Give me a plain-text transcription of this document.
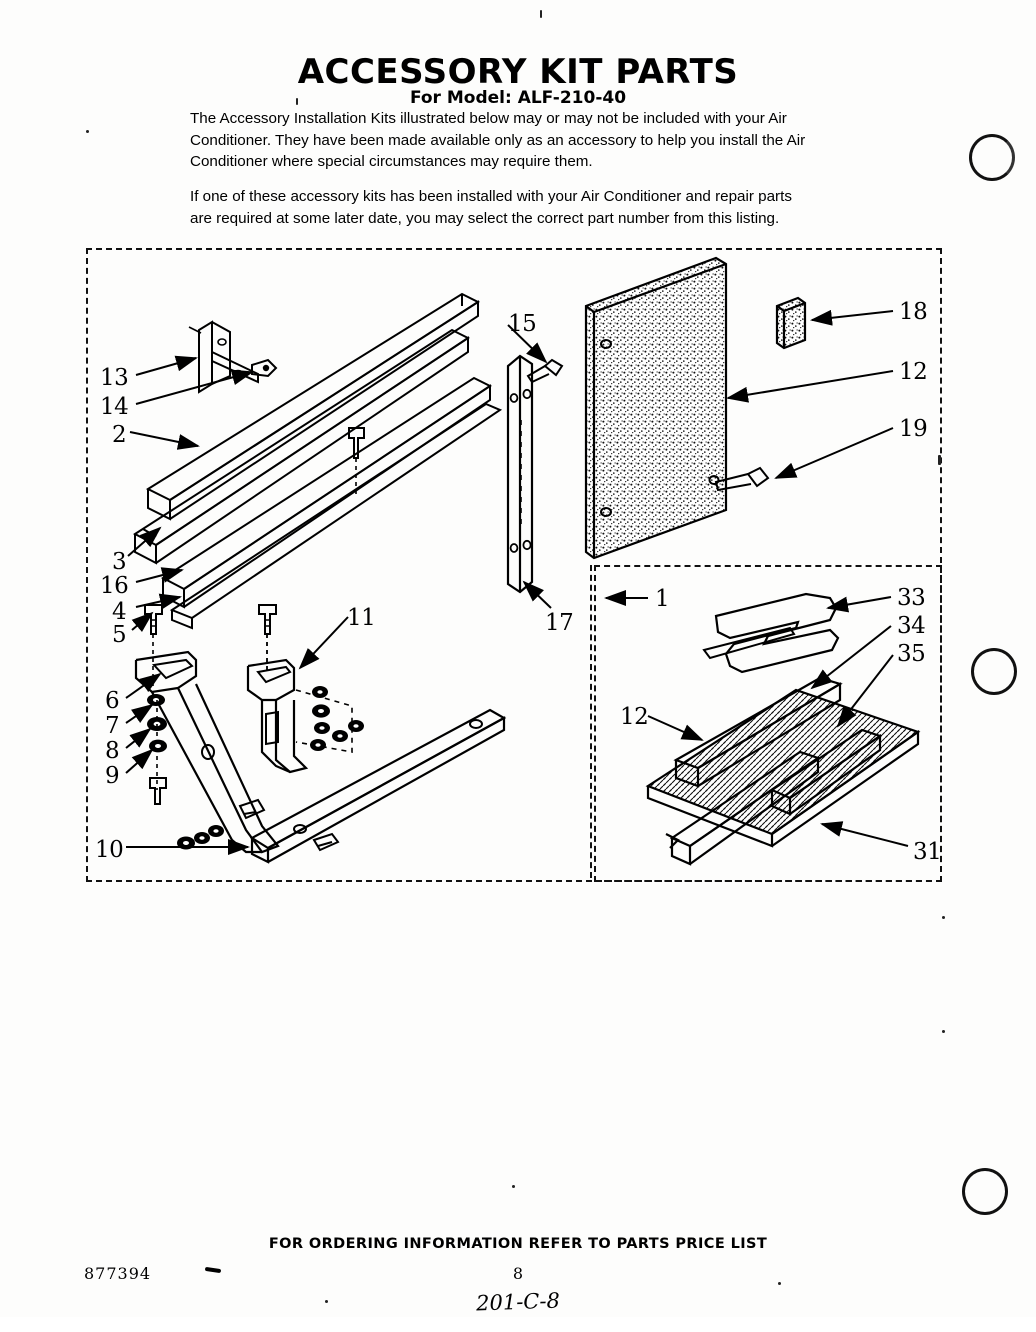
ACCESSORY KIT PARTS
For Model: ALF-210-40
The Accessory Installation Kits illustrated below may or may not be included with your Air Conditioner. They have been made available only as an accessory to help you install the Air Conditioner where special circumstances may require them.
If one of these accessory kits has been installed with your Air Conditioner and repair parts are required at some later date, you may select the correct part number from this listing.
13
14
2
3
16
4
5
6
7
8
9
10
11
15
17
18
12
19
1	33
34
35
12
31
FOR ORDERING INFORMATION REFER TO PARTS PRICE LIST
877394	8
201-C-8
